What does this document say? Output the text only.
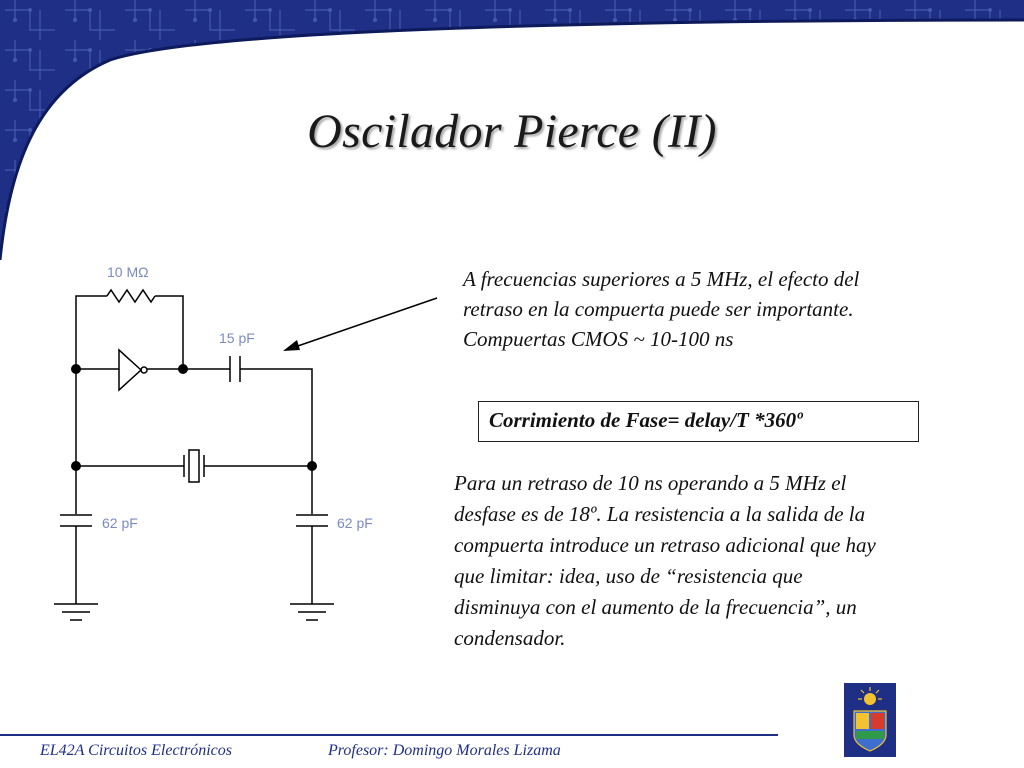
Oscilador Pierce (II)
10 MΩ
15 pF
62 pF	62 pF
A frecuencias superiores a 5 MHz, el efecto del
retraso en la compuerta puede ser importante.
Compuertas CMOS ~ 10-100 ns
Corrimiento de Fase= delay/T *360º
Para un retraso de 10 ns operando a 5 MHz el
desfase es de 18º. La resistencia a la salida de la
compuerta introduce un retraso adicional que hay
que limitar: idea, uso de “resistencia que
disminuya con el aumento de la frecuencia”, un
condensador.
EL42A Circuitos Electrónicos	Profesor: Domingo Morales Lizama
